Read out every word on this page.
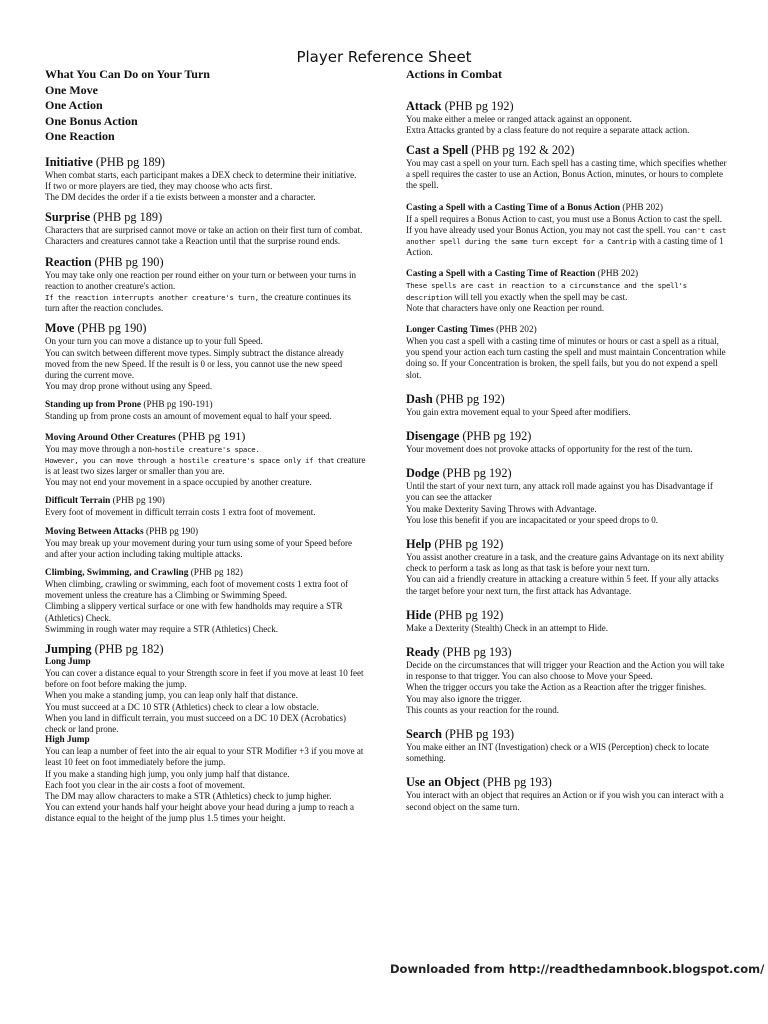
Player Reference Sheet
What You Can Do on Your Turn
One Move
One Action
One Bonus Action
One Reaction
Initiative (PHB pg 189)

When combat starts, each participant makes a DEX check to determine their initiative.

If two or more players are tied, they may choose who acts first.

The DM decides the order if a tie exists between a monster and a character.

Surprise (PHB pg 189)

Characters that are surprised cannot move or take an action on their first turn of combat.

Characters and creatures cannot take a Reaction until that the surprise round ends.

Reaction (PHB pg 190)

You may take only one reaction per round either on your turn or between your turns in reaction to another creature's action.

If the reaction interrupts another creature's turn, the creature continues its turn after the reaction concludes.

Move (PHB pg 190)

On your turn you can move a distance up to your full Speed.

You can switch between different move types. Simply subtract the distance already moved from the new Speed. If the result is 0 or less, you cannot use the new speed during the current move.

You may drop prone without using any Speed.

Standing up from Prone (PHB pg 190-191)

Standing up from prone costs an amount of movement equal to half your speed.

Moving Around Other Creatures (PHB pg 191)

You may move through a non-hostile creature's space.

However, you can move through a hostile creature's space only if that creature is at least two sizes larger or smaller than you are.

You may not end your movement in a space occupied by another creature.

Difficult Terrain (PHB pg 190)

Every foot of movement in difficult terrain costs 1 extra foot of movement.

Moving Between Attacks (PHB pg 190)

You may break up your movement during your turn using some of your Speed before and after your action including taking multiple attacks.

Climbing, Swimming, and Crawling (PHB pg 182)

When climbing, crawling or swimming, each foot of movement costs 1 extra foot of movement unless the creature has a Climbing or Swimming Speed.

Climbing a slippery vertical surface or one with few handholds may require a STR (Athletics) Check.

Swimming in rough water may require a STR (Athletics) Check.

Jumping (PHB pg 182)
Long Jump

You can cover a distance equal to your Strength score in feet if you move at least 10 feet before on foot before making the jump.

When you make a standing jump, you can leap only half that distance.

You must succeed at a DC 10 STR (Athletics) check to clear a low obstacle.

When you land in difficult terrain, you must succeed on a DC 10 DEX (Acrobatics) check or land prone.

High Jump

You can leap a number of feet into the air equal to your STR Modifier +3 if you move at least 10 feet on foot immediately before the jump.

If you make a standing high jump, you only jump half that distance.

Each foot you clear in the air costs a foot of movement.

The DM may allow characters to make a STR (Athletics) check to jump higher.

You can extend your hands half your height above your head during a jump to reach a distance equal to the height of the jump plus 1.5 times your height.

Actions in Combat
Attack (PHB pg 192)

You make either a melee or ranged attack against an opponent.

Extra Attacks granted by a class feature do not require a separate attack action.

Cast a Spell (PHB pg 192 & 202)

You may cast a spell on your turn. Each spell has a casting time, which specifies whether a spell requires the caster to use an Action, Bonus Action, minutes, or hours to complete the spell.

Casting a Spell with a Casting Time of a Bonus Action (PHB 202)

If a spell requires a Bonus Action to cast, you must use a Bonus Action to cast the spell. If you have already used your Bonus Action, you may not cast the spell. You can't cast another spell during the same turn except for a Cantrip with a casting time of 1 Action.

Casting a Spell with a Casting Time of Reaction (PHB 202)

These spells are cast in reaction to a circumstance and the spell's description will tell you exactly when the spell may be cast.

Note that characters have only one Reaction per round.

Longer Casting Times (PHB 202)

When you cast a spell with a casting time of minutes or hours or cast a spell as a ritual, you spend your action each turn casting the spell and must maintain Concentration while doing so. If your Concentration is broken, the spell fails, but you do not expend a spell slot.

Dash (PHB pg 192)

You gain extra movement equal to your Speed after modifiers.

Disengage (PHB pg 192)

Your movement does not provoke attacks of opportunity for the rest of the turn.

Dodge (PHB pg 192)

Until the start of your next turn, any attack roll made against you has Disadvantage if you can see the attacker

You make Dexterity Saving Throws with Advantage.

You lose this benefit if you are incapacitated or your speed drops to 0.

Help (PHB pg 192)

You assist another creature in a task, and the creature gains Advantage on its next ability check to perform a task as long as that task is before your next turn.

You can aid a friendly creature in attacking a creature within 5 feet. If your ally attacks the target before your next turn, the first attack has Advantage.

Hide (PHB pg 192)

Make a Dexterity (Stealth) Check in an attempt to Hide.

Ready (PHB pg 193)

Decide on the circumstances that will trigger your Reaction and the Action you will take in response to that trigger. You can also choose to Move your Speed.

When the trigger occurs you take the Action as a Reaction after the trigger finishes.

You may also ignore the trigger.

This counts as your reaction for the round.

Search (PHB pg 193)

You make either an INT (Investigation) check or a WIS (Perception) check to locate something.

Use an Object (PHB pg 193)

You interact with an object that requires an Action or if you wish you can interact with a second object on the same turn.

Downloaded from http://readthedamnbook.blogspot.com/
